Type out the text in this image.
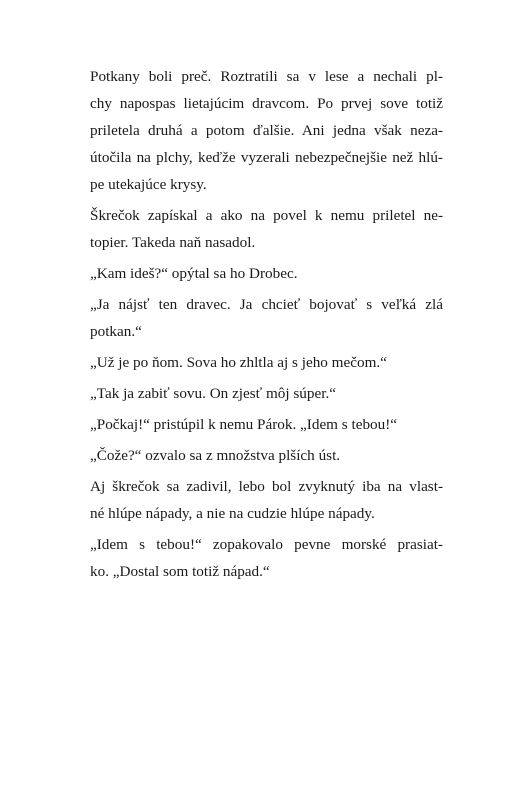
Potkany boli preč. Roztratili sa v lese a nechali pl-
chy napospas lietajúcim dravcom. Po prvej sove totiž
priletela druhá a potom ďalšie. Ani jedna však neza-
útočila na plchy, keďže vyzerali nebezpečnejšie než hlú-
pe utekajúce krysy.
Škrečok zapískal a ako na povel k nemu priletel ne-
topier. Takeda naň nasadol.
„Kam ideš?“ opýtal sa ho Drobec.
„Ja nájsť ten dravec. Ja chcieť bojovať s veľká zlá
potkan.“
„Už je po ňom. Sova ho zhltla aj s jeho mečom.“
„Tak ja zabiť sovu. On zjesť môj súper.“
„Počkaj!“ pristúpil k nemu Párok. „Idem s tebou!“
„Čože?“ ozvalo sa z množstva plších úst.
Aj škrečok sa zadivil, lebo bol zvyknutý iba na vlast-
né hlúpe nápady, a nie na cudzie hlúpe nápady.
„Idem s tebou!“ zopakovalo pevne morské prasiat-
ko. „Dostal som totiž nápad.“
